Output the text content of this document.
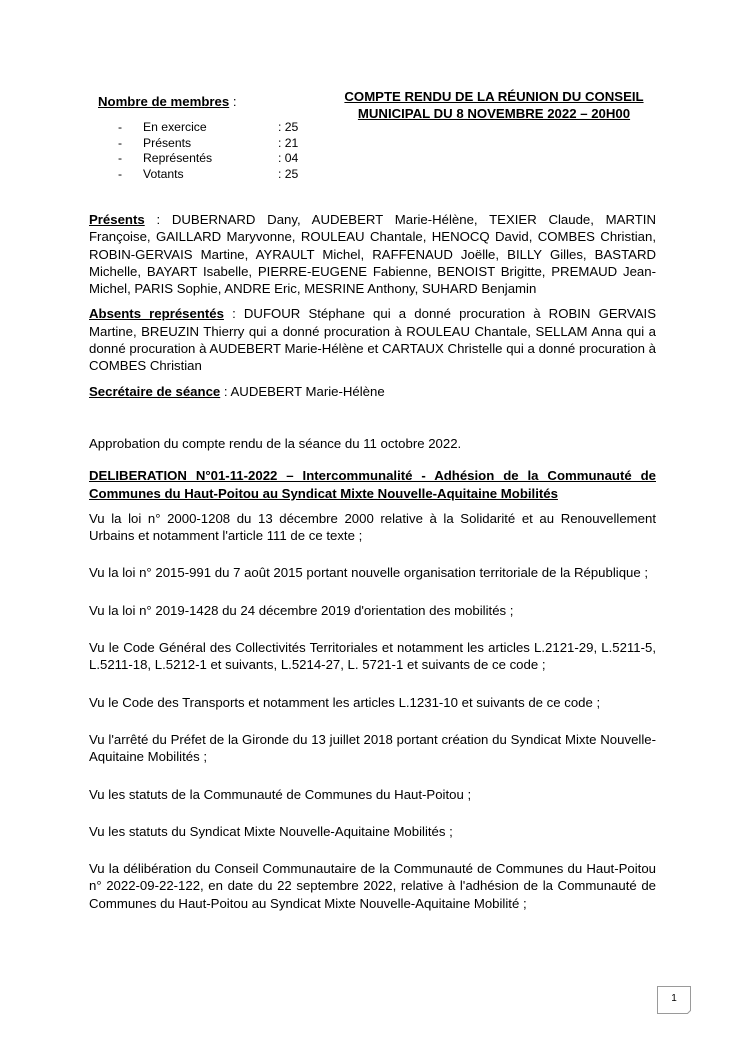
Nombre de membres :
- En exercice	: 25
- Présents	: 21
- Représentés	: 04
- Votants	: 25
COMPTE RENDU DE LA RÉUNION DU CONSEIL MUNICIPAL DU 8 NOVEMBRE 2022 – 20H00

Présents : DUBERNARD Dany, AUDEBERT Marie-Hélène, TEXIER Claude, MARTIN Françoise, GAILLARD Maryvonne, ROULEAU Chantale, HENOCQ David, COMBES Christian, ROBIN-GERVAIS Martine, AYRAULT Michel, RAFFENAUD Joëlle, BILLY Gilles, BASTARD Michelle, BAYART Isabelle, PIERRE-EUGENE Fabienne, BENOIST Brigitte, PREMAUD Jean-Michel, PARIS Sophie, ANDRE Eric, MESRINE Anthony, SUHARD Benjamin

Absents représentés : DUFOUR Stéphane qui a donné procuration à ROBIN GERVAIS Martine, BREUZIN Thierry qui a donné procuration à ROULEAU Chantale, SELLAM Anna qui a donné procuration à AUDEBERT Marie-Hélène et CARTAUX Christelle qui a donné procuration à COMBES Christian

Secrétaire de séance : AUDEBERT Marie-Hélène

Approbation du compte rendu de la séance du 11 octobre 2022.

DELIBERATION N°01-11-2022 – Intercommunalité - Adhésion de la Communauté de Communes du Haut-Poitou au Syndicat Mixte Nouvelle-Aquitaine Mobilités

Vu la loi n° 2000-1208 du 13 décembre 2000 relative à la Solidarité et au Renouvellement Urbains et notamment l'article 111 de ce texte ;

Vu la loi n° 2015-991 du 7 août 2015 portant nouvelle organisation territoriale de la République ;

Vu la loi n° 2019-1428 du 24 décembre 2019 d'orientation des mobilités ;

Vu le Code Général des Collectivités Territoriales et notamment les articles L.2121-29, L.5211-5, L.5211-18, L.5212-1 et suivants, L.5214-27, L. 5721-1 et suivants de ce code ;

Vu le Code des Transports et notamment les articles L.1231-10 et suivants de ce code ;

Vu l'arrêté du Préfet de la Gironde du 13 juillet 2018 portant création du Syndicat Mixte Nouvelle-Aquitaine Mobilités ;

Vu les statuts de la Communauté de Communes du Haut-Poitou ;

Vu les statuts du Syndicat Mixte Nouvelle-Aquitaine Mobilités ;

Vu la délibération du Conseil Communautaire de la Communauté de Communes du Haut-Poitou n° 2022-09-22-122, en date du 22 septembre 2022, relative à l'adhésion de la Communauté de Communes du Haut-Poitou au Syndicat Mixte Nouvelle-Aquitaine Mobilité ;

1
